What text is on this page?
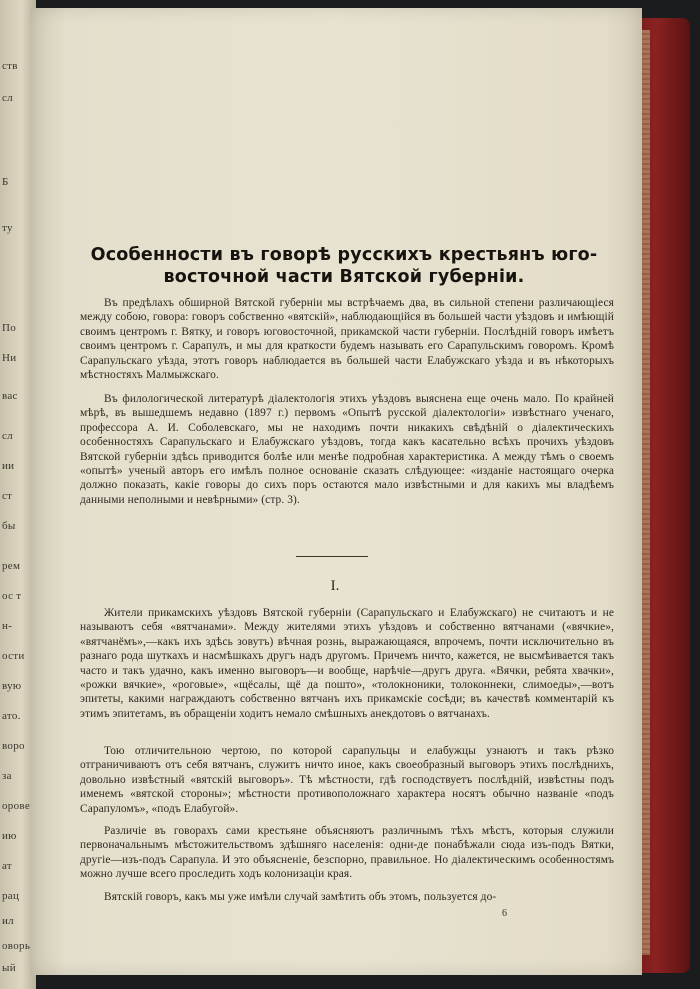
ств
сл
Б
ту
По
Ни
вас
сл
ии
ст
бы
рем
ос т
н-
ости
вую
ато.
воро
за
орове
ию
ат
рац
ил
оворь
ый
Особенности въ говорѣ русскихъ крестьянъ юго-восточной части Вятской губерніи.

Въ предѣлахъ обширной Вятской губерніи мы встрѣчаемъ два, въ сильной степени различающіеся между собою, говора: говоръ собственно «вятскій», наблюдающійся въ большей части уѣздовъ и имѣющій своимъ центромъ г. Вятку, и говоръ юговосточной, прикамской части губерніи. Послѣдній говоръ имѣетъ своимъ центромъ г. Сарапулъ, и мы для краткости будемъ называть его Сарапульскимъ говоромъ. Кромѣ Сарапульскаго уѣзда, этотъ говоръ наблюдается въ большей части Елабужскаго уѣзда и въ нѣкоторыхъ мѣстностяхъ Малмыжскаго.

Въ филологической литературѣ діалектологія этихъ уѣздовъ выяснена еще очень мало. По крайней мѣрѣ, въ вышедшемъ недавно (1897 г.) первомъ «Опытѣ русской діалектологіи» извѣстнаго ученаго, профессора А. И. Соболевскаго, мы не находимъ почти никакихъ свѣдѣній о діалектическихъ особенностяхъ Сарапульскаго и Елабужскаго уѣздовъ, тогда какъ касательно всѣхъ прочихъ уѣздовъ Вятской губерніи здѣсь приводится болѣе или менѣе подробная характеристика. А между тѣмъ о своемъ «опытѣ» ученый авторъ его имѣлъ полное основаніе сказать слѣдующее: «изданіе настоящаго очерка должно показать, какіе говоры до сихъ поръ остаются мало извѣстными и для какихъ мы владѣемъ данными неполными и невѣрными» (стр. 3).

I.

Жители прикамскихъ уѣздовъ Вятской губерніи (Сарапульскаго и Елабужскаго) не считаютъ и не называютъ себя «вятчанами». Между жителями этихъ уѣздовъ и собственно вятчанами («вячкие», «вятчанёмъ»,—какъ ихъ здѣсь зовутъ) вѣчная рознь, выражающаяся, впрочемъ, почти исключительно въ разнаго рода шуткахъ и насмѣшкахъ другъ надъ другомъ. Причемъ ничто, кажется, не высмѣивается такъ часто и такъ удачно, какъ именно выговоръ—и вообще, нарѣчіе—другъ друга. «Вячки, ребята хвачки», «рожки вячкие», «роговые», «щёсалы, щё да пошто», «толокноники, толоконнеки, слимоеды»,—вотъ эпитеты, какими награждаютъ собственно вятчанъ ихъ прикамскіе сосѣди; въ качествѣ комментарій къ этимъ эпитетамъ, въ обращеніи ходитъ немало смѣшныхъ анекдотовъ о вятчанахъ.

Тою отличительною чертою, по которой сарапульцы и елабужцы узнаютъ и такъ рѣзко отграничиваютъ отъ себя вятчанъ, служитъ ничто иное, какъ своеобразный выговоръ этихъ послѣднихъ, довольно извѣстный «вятскій выговоръ». Тѣ мѣстности, гдѣ господствуетъ послѣдній, извѣстны подъ именемъ «вятской стороны»; мѣстности противоположнаго характера носятъ обычно названіе «подъ Сарапуломъ», «подъ Елабугой».

Различіе въ говорахъ сами крестьяне объясняютъ различнымъ тѣхъ мѣстъ, которыя служили первоначальнымъ мѣстожительствомъ здѣшняго населенія: одни-де понабѣжали сюда изъ-подъ Вятки, другіе—изъ-подъ Сарапула. И это объясненіе, безспорно, правильное. Но діалектическимъ особенностямъ можно лучше всего проследить ходъ колонизаціи края.

Вятскій говоръ, какъ мы уже имѣли случай замѣтить объ этомъ, пользуется до-

6
